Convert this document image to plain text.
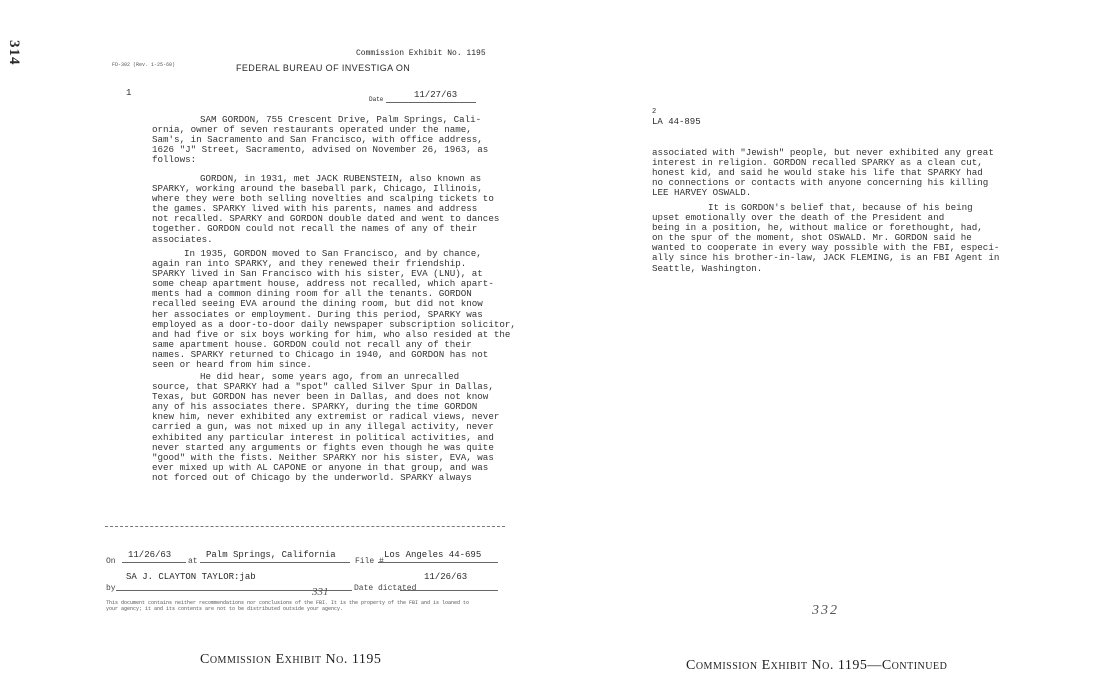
314	Commission Exhibit No. 1195
FD-302 (Rev. 1-25-60)	FEDERAL BUREAU OF INVESTIGA ON
1
Date	11/27/63
SAM GORDON, 755 Crescent Drive, Palm Springs, Cali-
ornia, owner of seven restaurants operated under the name,
Sam's, in Sacramento and San Francisco, with office address,
1626 "J" Street, Sacramento, advised on November 26, 1963, as
follows:
GORDON, in 1931, met JACK RUBENSTEIN, also known as
SPARKY, working around the baseball park, Chicago, Illinois,
where they were both selling novelties and scalping tickets to
the games. SPARKY lived with his parents, names and address
not recalled. SPARKY and GORDON double dated and went to dances
together. GORDON could not recall the names of any of their
associates.
In 1935, GORDON moved to San Francisco, and by chance,
again ran into SPARKY, and they renewed their friendship.
SPARKY lived in San Francisco with his sister, EVA (LNU), at
some cheap apartment house, address not recalled, which apart-
ments had a common dining room for all the tenants. GORDON
recalled seeing EVA around the dining room, but did not know
her associates or employment. During this period, SPARKY was
employed as a door-to-door daily newspaper subscription solicitor,
and had five or six boys working for him, who also resided at the
same apartment house. GORDON could not recall any of their
names. SPARKY returned to Chicago in 1940, and GORDON has not
seen or heard from him since.
He did hear, some years ago, from an unrecalled
source, that SPARKY had a "spot" called Silver Spur in Dallas,
Texas, but GORDON has never been in Dallas, and does not know
any of his associates there. SPARKY, during the time GORDON
knew him, never exhibited any extremist or radical views, never
carried a gun, was not mixed up in any illegal activity, never
exhibited any particular interest in political activities, and
never started any arguments or fights even though he was quite
"good" with the fists. Neither SPARKY nor his sister, EVA, was
ever mixed up with AL CAPONE or anyone in that group, and was
not forced out of Chicago by the underworld. SPARKY always
On
11/26/63
at
Palm Springs, California
File #
Los Angeles 44-695
SA J. CLAYTON TAYLOR:jab	11/26/63
by	Date dictated
331
This document contains neither recommendations nor conclusions of the FBI. It is the property of the FBI and is loaned to
your agency; it and its contents are not to be distributed outside your agency.
Commission Exhibit No. 1195
2
LA 44-895
associated with "Jewish" people, but never exhibited any great
interest in religion. GORDON recalled SPARKY as a clean cut,
honest kid, and said he would stake his life that SPARKY had
no connections or contacts with anyone concerning his killing
LEE HARVEY OSWALD.
It is GORDON's belief that, because of his being
upset emotionally over the death of the President and
being in a position, he, without malice or forethought, had,
on the spur of the moment, shot OSWALD. Mr. GORDON said he
wanted to cooperate in every way possible with the FBI, especi-
ally since his brother-in-law, JACK FLEMING, is an FBI Agent in
Seattle, Washington.
332
Commission Exhibit No. 1195—Continued
